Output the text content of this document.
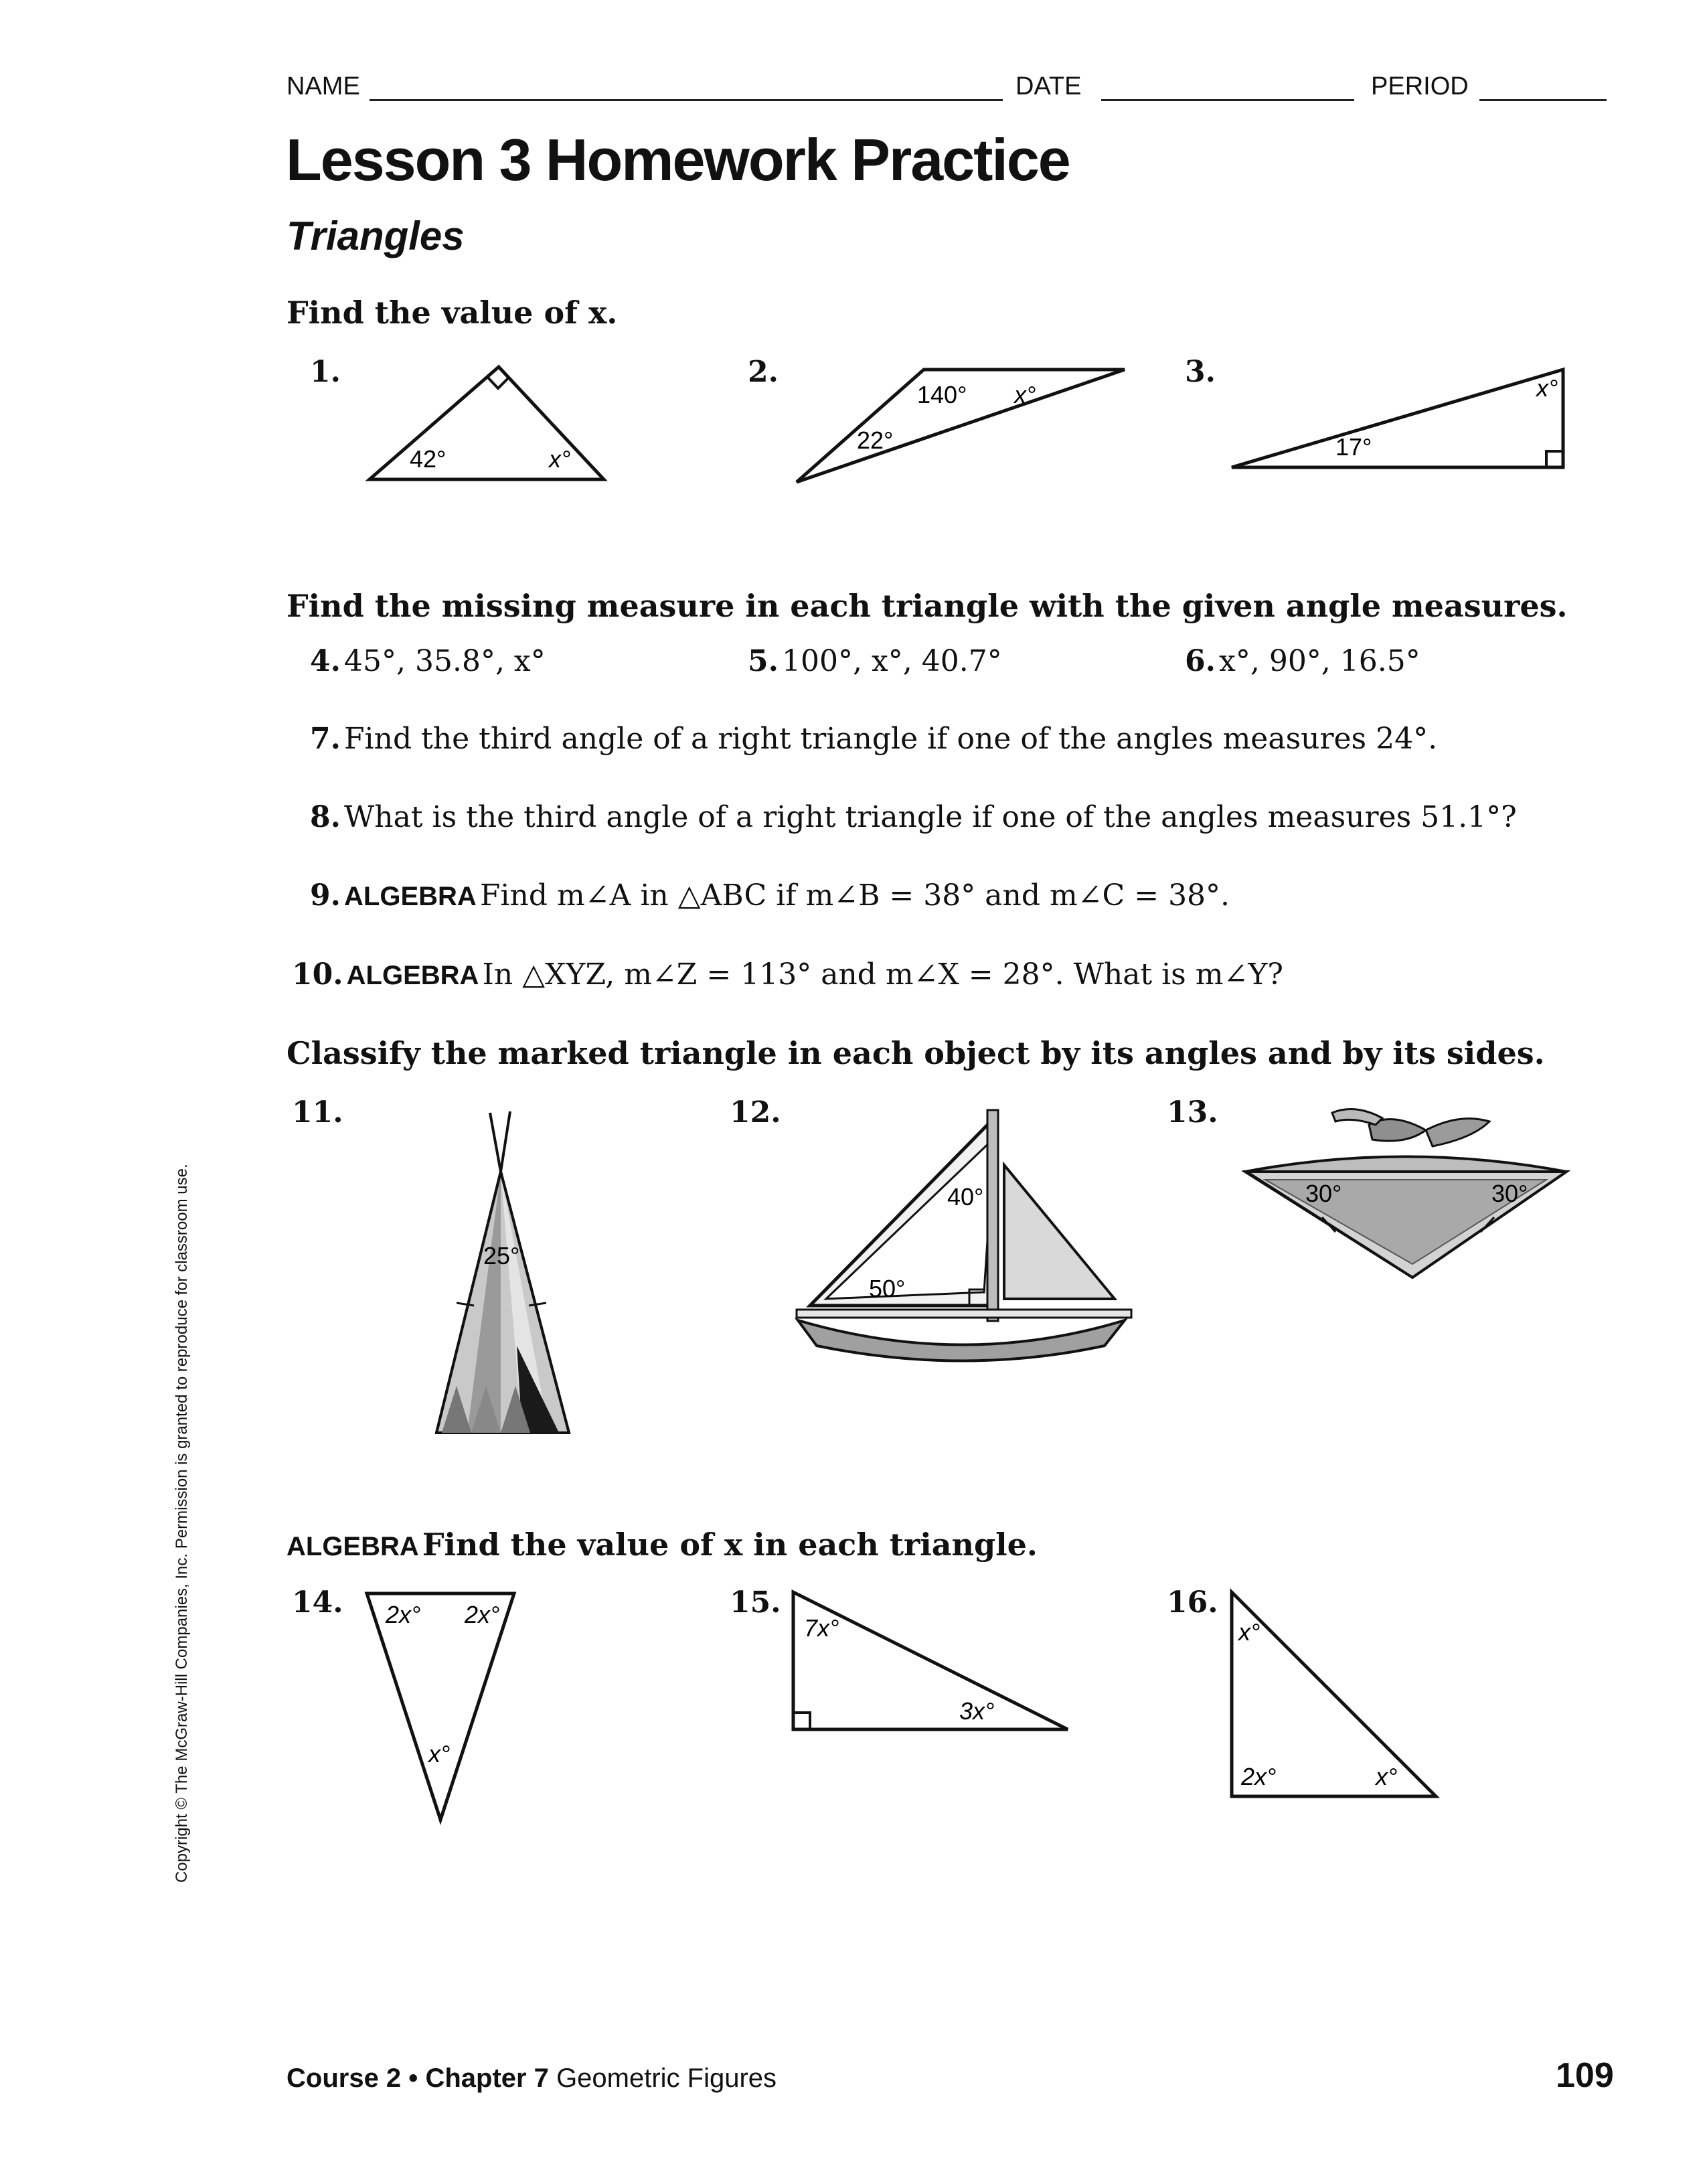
NAME	DATE	PERIOD
Lesson 3 Homework Practice
Triangles
Find the value of x.
1.
42°	x°
2.
140° x°
22°
3.	x°
17°
Find the missing measure in each triangle with the given angle measures.
4. 45°, 35.8°, x°	5. 100°, x°, 40.7°	6. x°, 90°, 16.5°
7. Find the third angle of a right triangle if one of the angles measures 24°.
8. What is the third angle of a right triangle if one of the angles measures 51.1°?
9. ALGEBRA Find m∠A in △ABC if m∠B = 38° and m∠C = 38°.
10. ALGEBRA In △XYZ, m∠Z = 113° and m∠X = 28°. What is m∠Y?
Classify the marked triangle in each object by its angles and by its sides.
11.
25°
12.
40°
50°
13.
30°	30°
ALGEBRA Find the value of x in each triangle.
14. 2x° 2x°
x°
15.
7x°
3x°
16.
x°
2x°	x°
Copyright © The McGraw-Hill Companies, Inc. Permission is granted to reproduce for classroom use.
Course 2 • Chapter 7 Geometric Figures	109
